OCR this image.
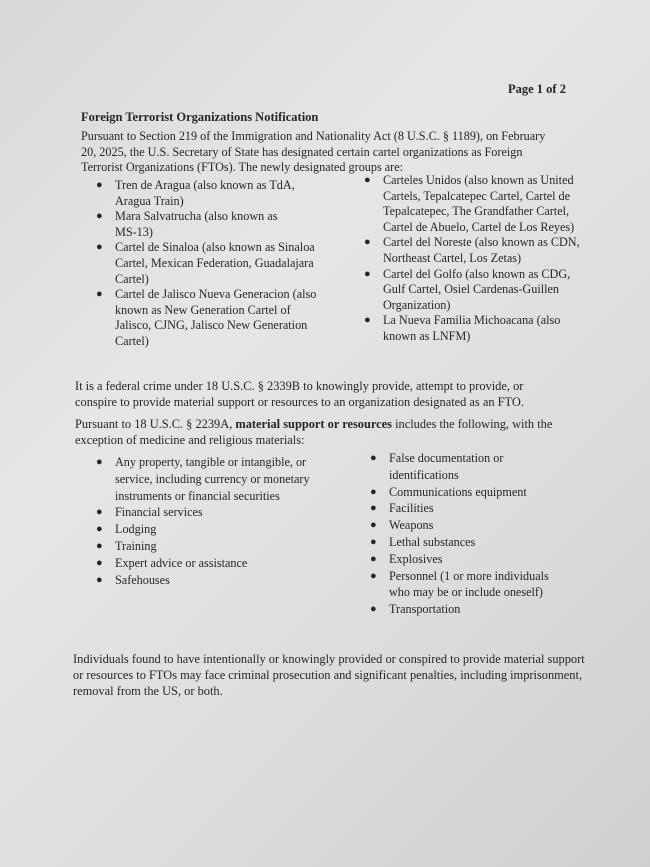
Page 1 of 2
Foreign Terrorist Organizations Notification
Pursuant to Section 219 of the Immigration and Nationality Act (8 U.S.C. § 1189), on February 20, 2025, the U.S. Secretary of State has designated certain cartel organizations as Foreign Terrorist Organizations (FTOs). The newly designated groups are:
● Tren de Aragua (also known as TdA, Aragua Train)
● Mara Salvatrucha (also known as MS-13)
● Cartel de Sinaloa (also known as Sinaloa Cartel, Mexican Federation, Guadalajara Cartel)
● Cartel de Jalisco Nueva Generacion (also known as New Generation Cartel of Jalisco, CJNG, Jalisco New Generation Cartel)
● Carteles Unidos (also known as United Cartels, Tepalcatepec Cartel, Cartel de Tepalcatepec, The Grandfather Cartel, Cartel de Abuelo, Cartel de Los Reyes)
● Cartel del Noreste (also known as CDN, Northeast Cartel, Los Zetas)
● Cartel del Golfo (also known as CDG, Gulf Cartel, Osiel Cardenas-Guillen Organization)
● La Nueva Familia Michoacana (also known as LNFM)
It is a federal crime under 18 U.S.C. § 2339B to knowingly provide, attempt to provide, or conspire to provide material support or resources to an organization designated as an FTO.
Pursuant to 18 U.S.C. § 2239A, material support or resources includes the following, with the exception of medicine and religious materials:
● Any property, tangible or intangible, or service, including currency or monetary instruments or financial securities
● Financial services
● Lodging
● Training
● Expert advice or assistance
● Safehouses
● False documentation or identifications
● Communications equipment
● Facilities
● Weapons
● Lethal substances
● Explosives
● Personnel (1 or more individuals who may be or include oneself)
● Transportation
Individuals found to have intentionally or knowingly provided or conspired to provide material support or resources to FTOs may face criminal prosecution and significant penalties, including imprisonment, removal from the US, or both.
